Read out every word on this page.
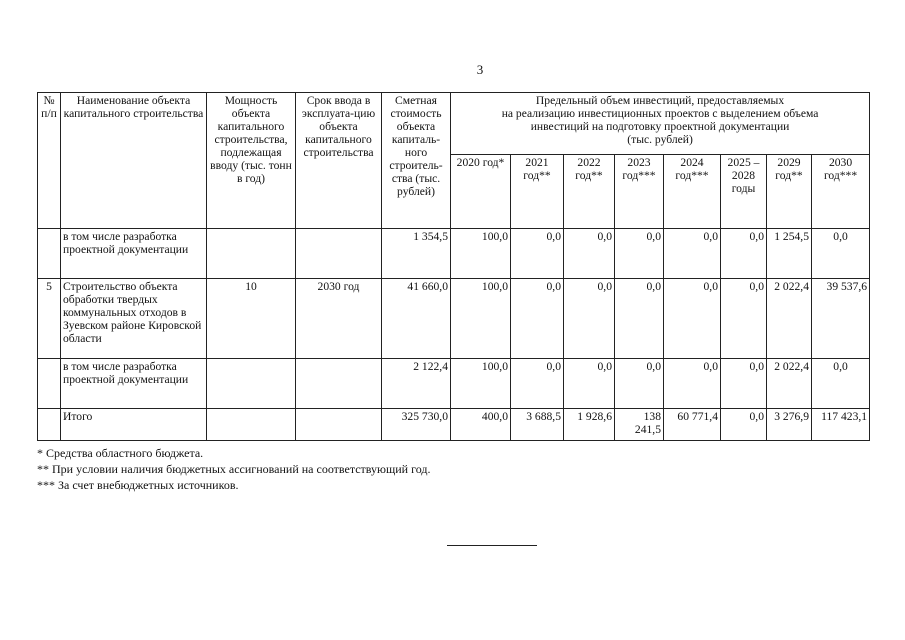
3
№ п/п	Наименование объекта капитального строительства	Мощность объекта капитального строительства, подлежащая вводу (тыс. тонн в год)	Срок ввода в эксплуата-цию объекта капитального строительства	Сметная стоимость объекта капиталь-ного строитель-ства (тыс. рублей)	Предельный объем инвестиций, предоставляемых
на реализацию инвестиционных проектов с выделением объема
инвестиций на подготовку проектной документации
(тыс. рублей)							

					2020 год*	2021 год**	2022 год**	2023 год***	2024 год***	2025 – 2028 годы	2029 год**	2030 год***
	в том числе разработка проектной документации			1 354,5	100,0	0,0	0,0	0,0	0,0	0,0	1 254,5	0,0
5	Строительство объекта обработки твердых коммунальных отходов в Зуевском районе Кировской области	10	2030 год	41 660,0	100,0	0,0	0,0	0,0	0,0	0,0	2 022,4	39 537,6
	в том числе разработка проектной документации			2 122,4	100,0	0,0	0,0	0,0	0,0	0,0	2 022,4	0,0
	Итого			325 730,0	400,0	3 688,5	1 928,6	138 241,5	60 771,4	0,0	3 276,9	117 423,1
* Средства областного бюджета.
** При условии наличия бюджетных ассигнований на соответствующий год.
*** За счет внебюджетных источников.
